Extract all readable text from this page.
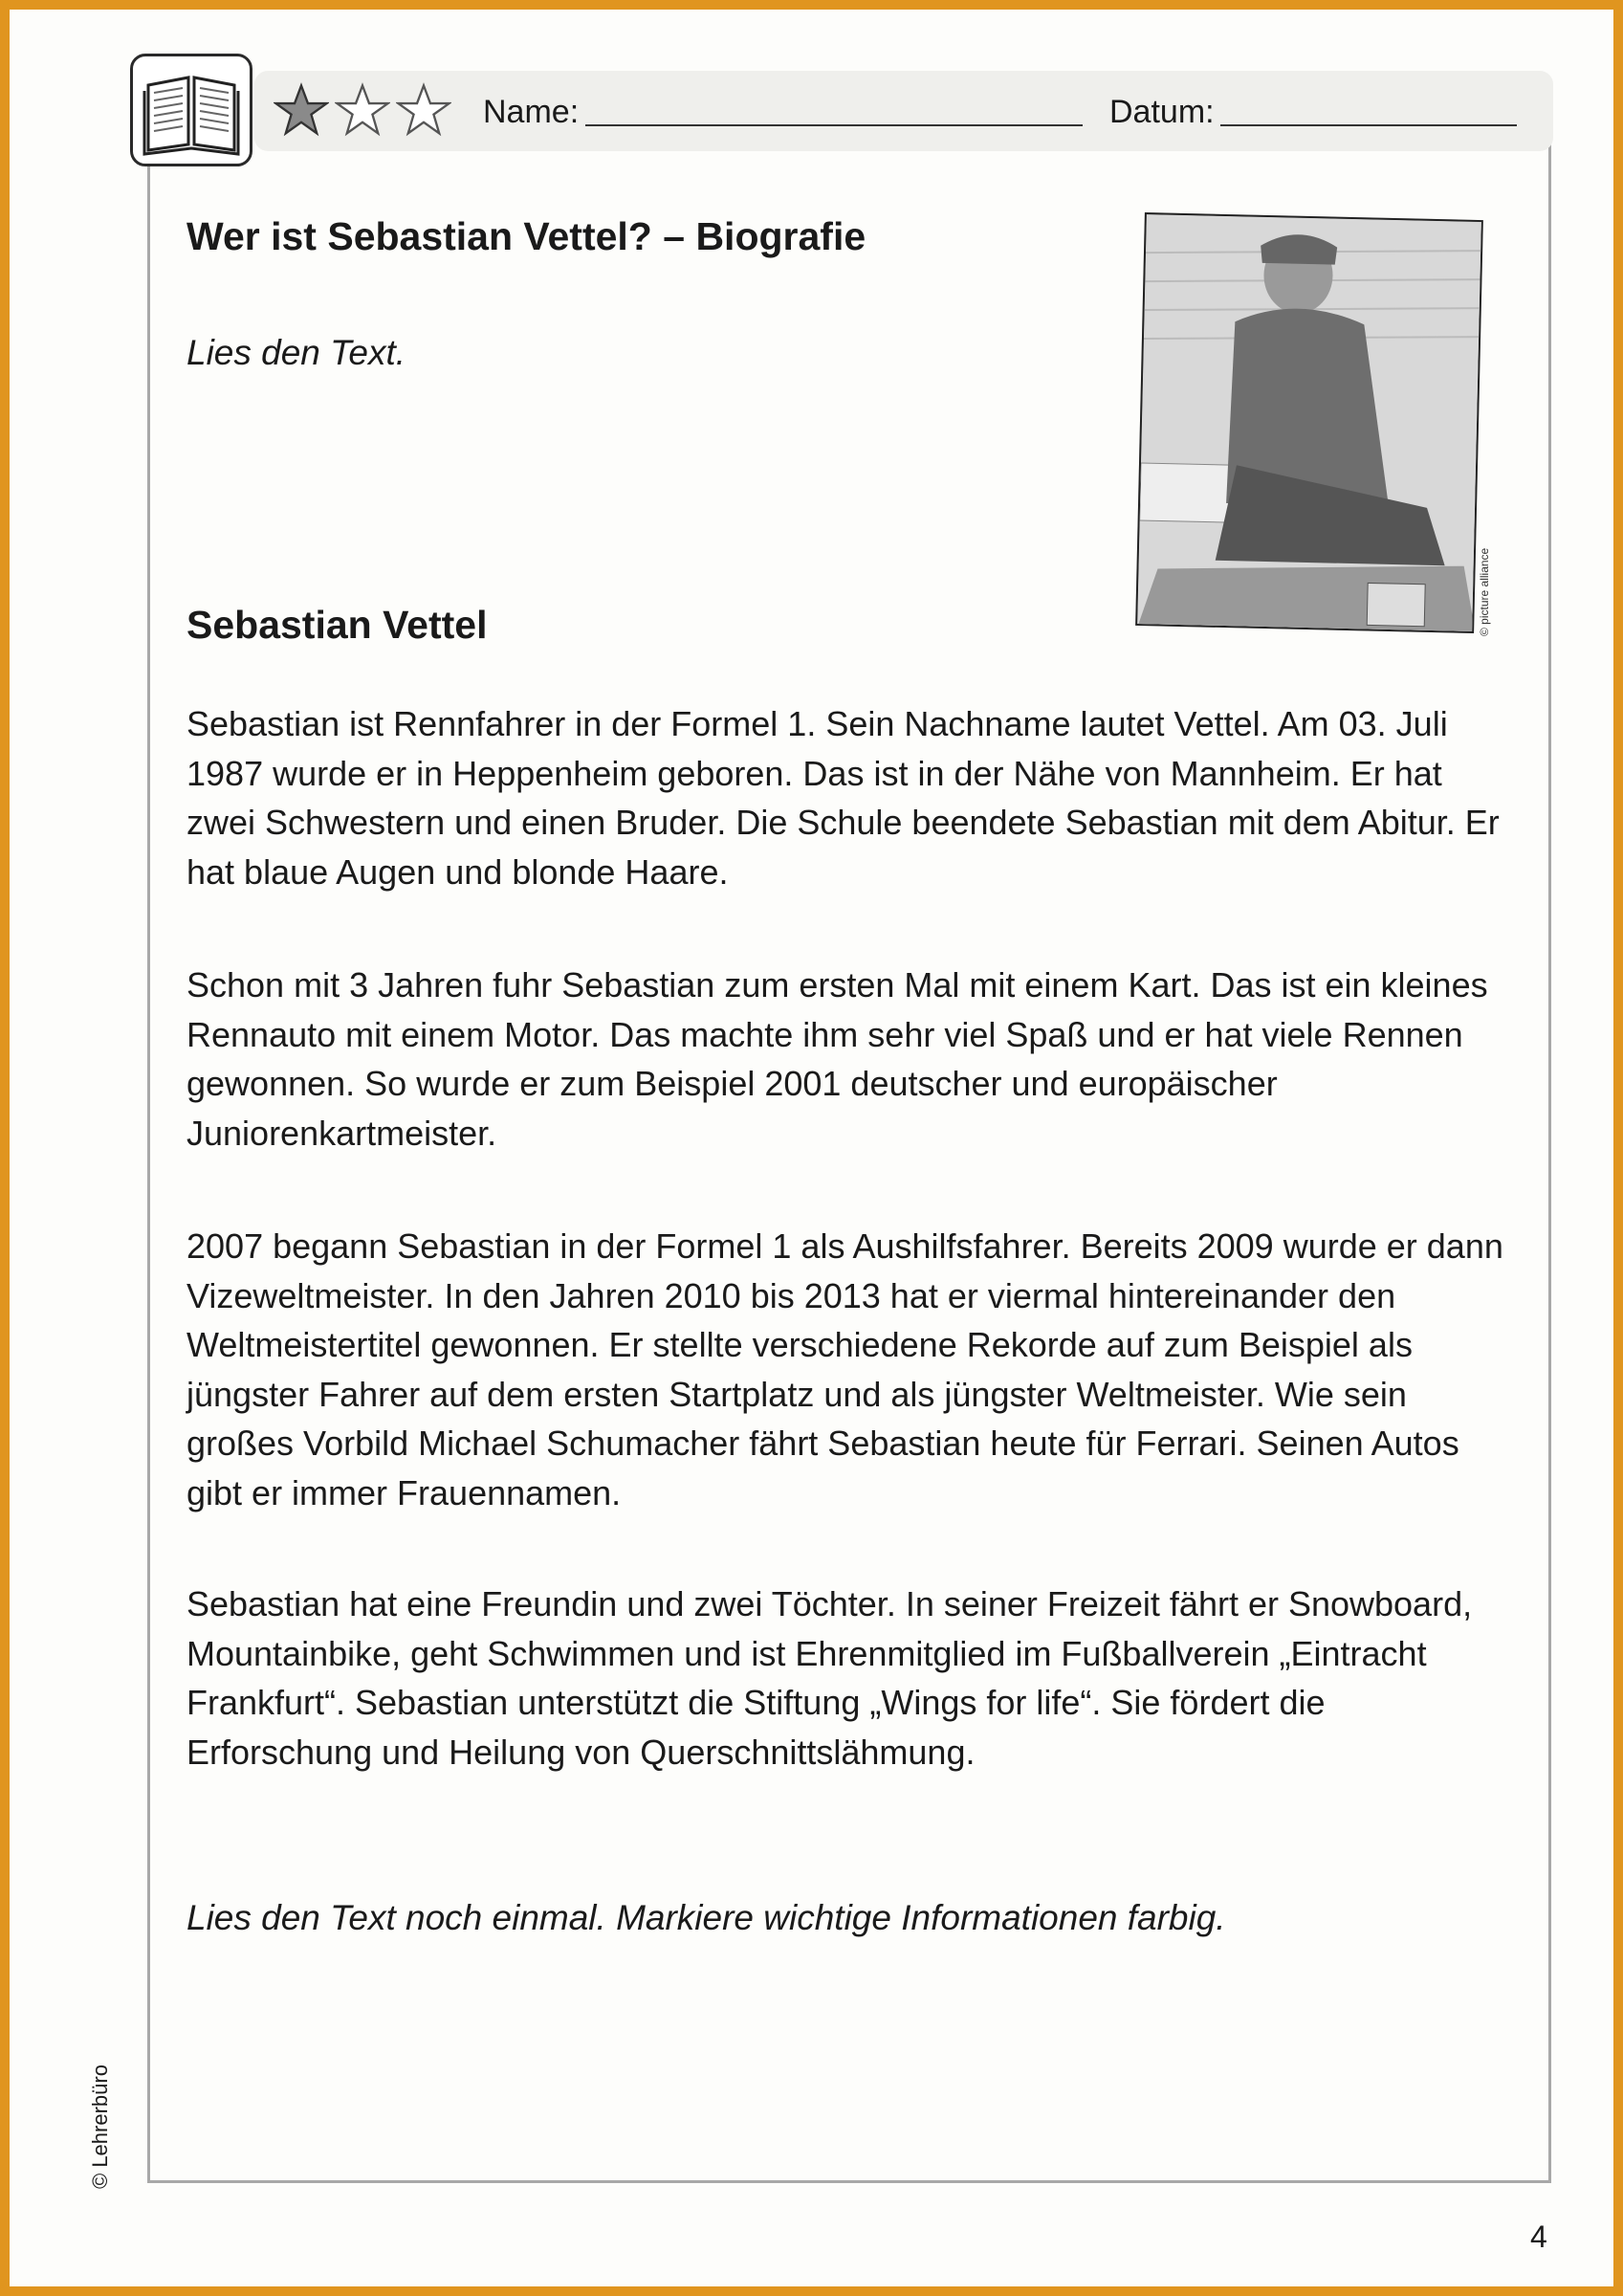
Name:	Datum:
Wer ist Sebastian Vettel? – Biografie
Lies den Text.
© picture alliance
Sebastian Vettel

Sebastian ist Rennfahrer in der Formel 1. Sein Nachname lautet Vettel. Am 03. Juli 1987 wurde er in Heppenheim geboren. Das ist in der Nähe von Mannheim. Er hat zwei Schwestern und einen Bruder. Die Schule beendete Sebastian mit dem Abitur. Er hat blaue Augen und blonde Haare.

Schon mit 3 Jahren fuhr Sebastian zum ersten Mal mit einem Kart. Das ist ein kleines Rennauto mit einem Motor. Das machte ihm sehr viel Spaß und er hat viele Rennen gewonnen. So wurde er zum Beispiel 2001 deutscher und europäischer Juniorenkartmeister.

2007 begann Sebastian in der Formel 1 als Aushilfsfahrer. Bereits 2009 wurde er dann Vizeweltmeister. In den Jahren 2010 bis 2013 hat er viermal hintereinander den Weltmeistertitel gewonnen. Er stellte verschiedene Rekorde auf zum Beispiel als jüngster Fahrer auf dem ersten Startplatz und als jüngster Weltmeister. Wie sein großes Vorbild Michael Schumacher fährt Sebastian heute für Ferrari. Seinen Autos gibt er immer Frauennamen.

Sebastian hat eine Freundin und zwei Töchter. In seiner Freizeit fährt er Snowboard, Mountainbike, geht Schwimmen und ist Ehrenmitglied im Fußballverein „Eintracht Frankfurt“. Sebastian unterstützt die Stiftung „Wings for life“. Sie fördert die Erforschung und Heilung von Querschnittslähmung.

Lies den Text noch einmal. Markiere wichtige Informationen farbig.
© Lehrerbüro
4
